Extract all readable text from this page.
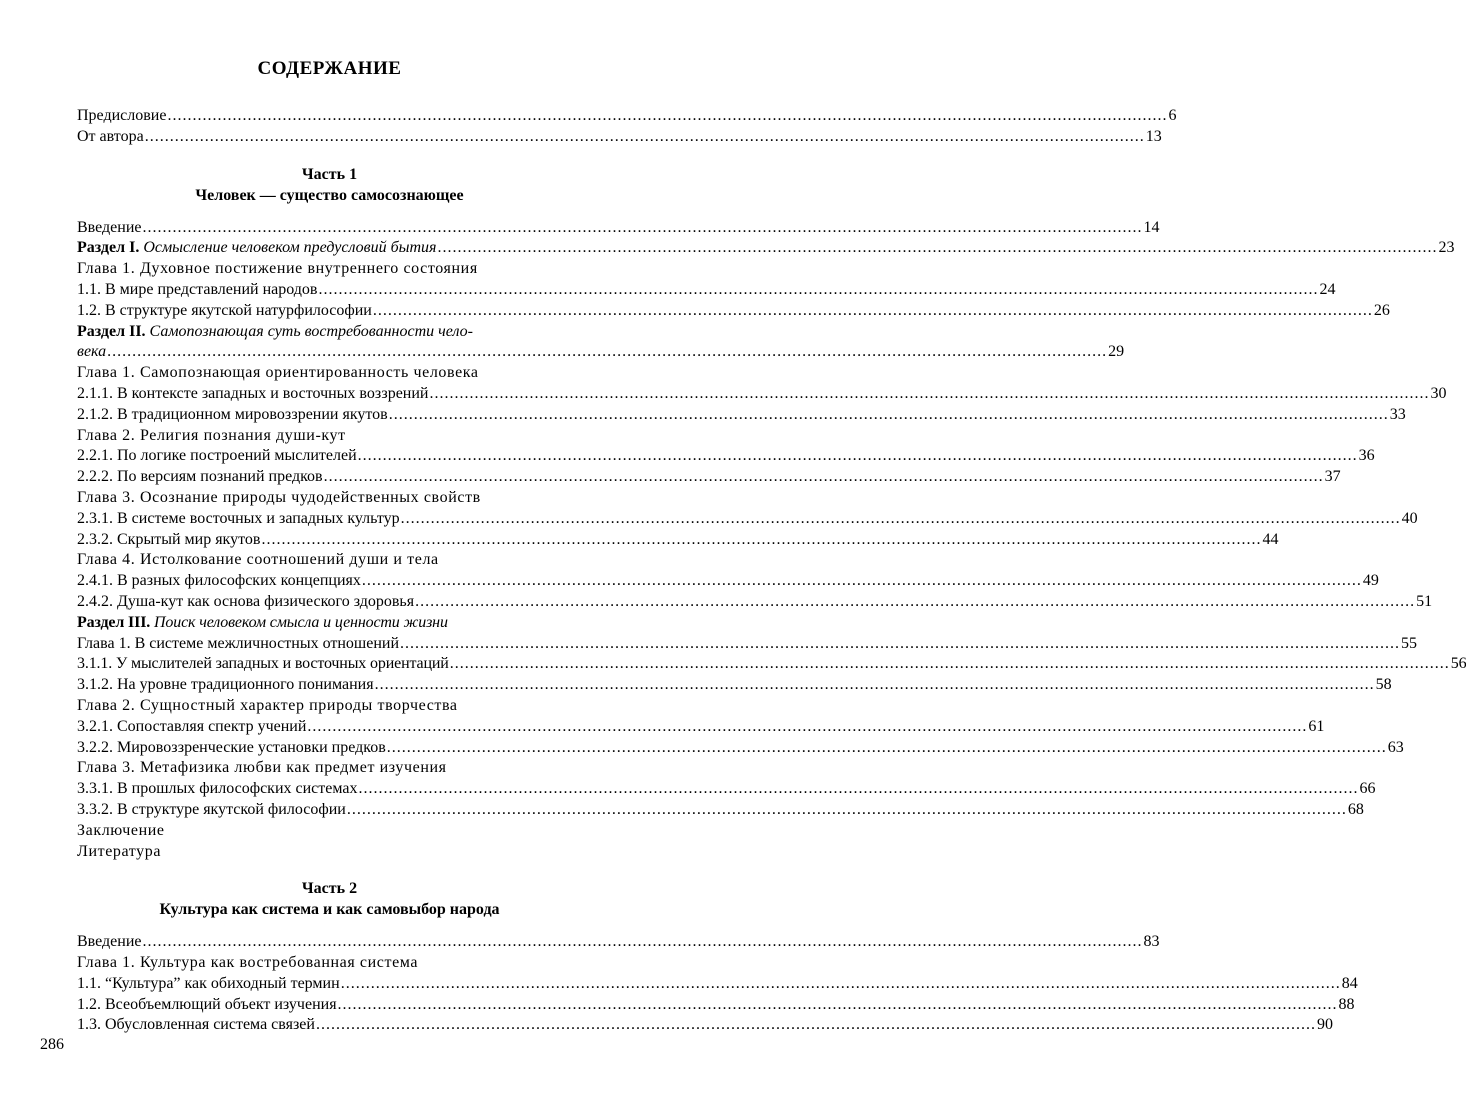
СОДЕРЖАНИЕ
Предисловие ........................................................................................................................................................................................................ 6
От автора ........................................................................................................................................................................................................ 13
Часть 1
Человек — существо самосознающее
Введение ........................................................................................................................................................................................................ 14
Раздел I. Осмысление человеком предусловий бытия ........................................................................................................................................................................................................ 23
Глава 1. Духовное постижение внутреннего состояния
1.1. В мире представлений народов ........................................................................................................................................................................................................ 24
1.2. В структуре якутской натурфилософии ........................................................................................................................................................................................................ 26
Раздел II. Самопознающая суть востребованности чело-
века ........................................................................................................................................................................................................ 29
Глава 1. Самопознающая ориентированность человека
2.1.1. В контексте западных и восточных воззрений ........................................................................................................................................................................................................ 30
2.1.2. В традиционном мировоззрении якутов ........................................................................................................................................................................................................ 33
Глава 2. Религия познания души-кут
2.2.1. По логике построений мыслителей ........................................................................................................................................................................................................ 36
2.2.2. По версиям познаний предков ........................................................................................................................................................................................................ 37
Глава 3. Осознание природы чудодейственных свойств
2.3.1. В системе восточных и западных культур ........................................................................................................................................................................................................ 40
2.3.2. Скрытый мир якутов ........................................................................................................................................................................................................ 44
Глава 4. Истолкование соотношений души и тела
2.4.1. В разных философских концепциях ........................................................................................................................................................................................................ 49
2.4.2. Душа-кут как основа физического здоровья ........................................................................................................................................................................................................ 51
Раздел III. Поиск человеком смысла и ценности жизни
Глава 1. В системе межличностных отношений ........................................................................................................................................................................................................ 55
3.1.1. У мыслителей западных и восточных ориентаций ........................................................................................................................................................................................................ 56
3.1.2. На уровне традиционного понимания ........................................................................................................................................................................................................ 58
Глава 2. Сущностный характер природы творчества
3.2.1. Сопоставляя спектр учений ........................................................................................................................................................................................................ 61
3.2.2. Мировоззренческие установки предков ........................................................................................................................................................................................................ 63
Глава 3. Метафизика любви как предмет изучения
3.3.1. В прошлых философских системах ........................................................................................................................................................................................................ 66
3.3.2. В структуре якутской философии ........................................................................................................................................................................................................ 68
Заключение
Литература
Часть 2
Культура как система и как самовыбор народа
Введение ........................................................................................................................................................................................................ 83
Глава 1. Культура как востребованная система
1.1. “Культура” как обиходный термин ........................................................................................................................................................................................................ 84
1.2. Всеобъемлющий объект изучения ........................................................................................................................................................................................................ 88
1.3. Обусловленная система связей ........................................................................................................................................................................................................ 90
286
